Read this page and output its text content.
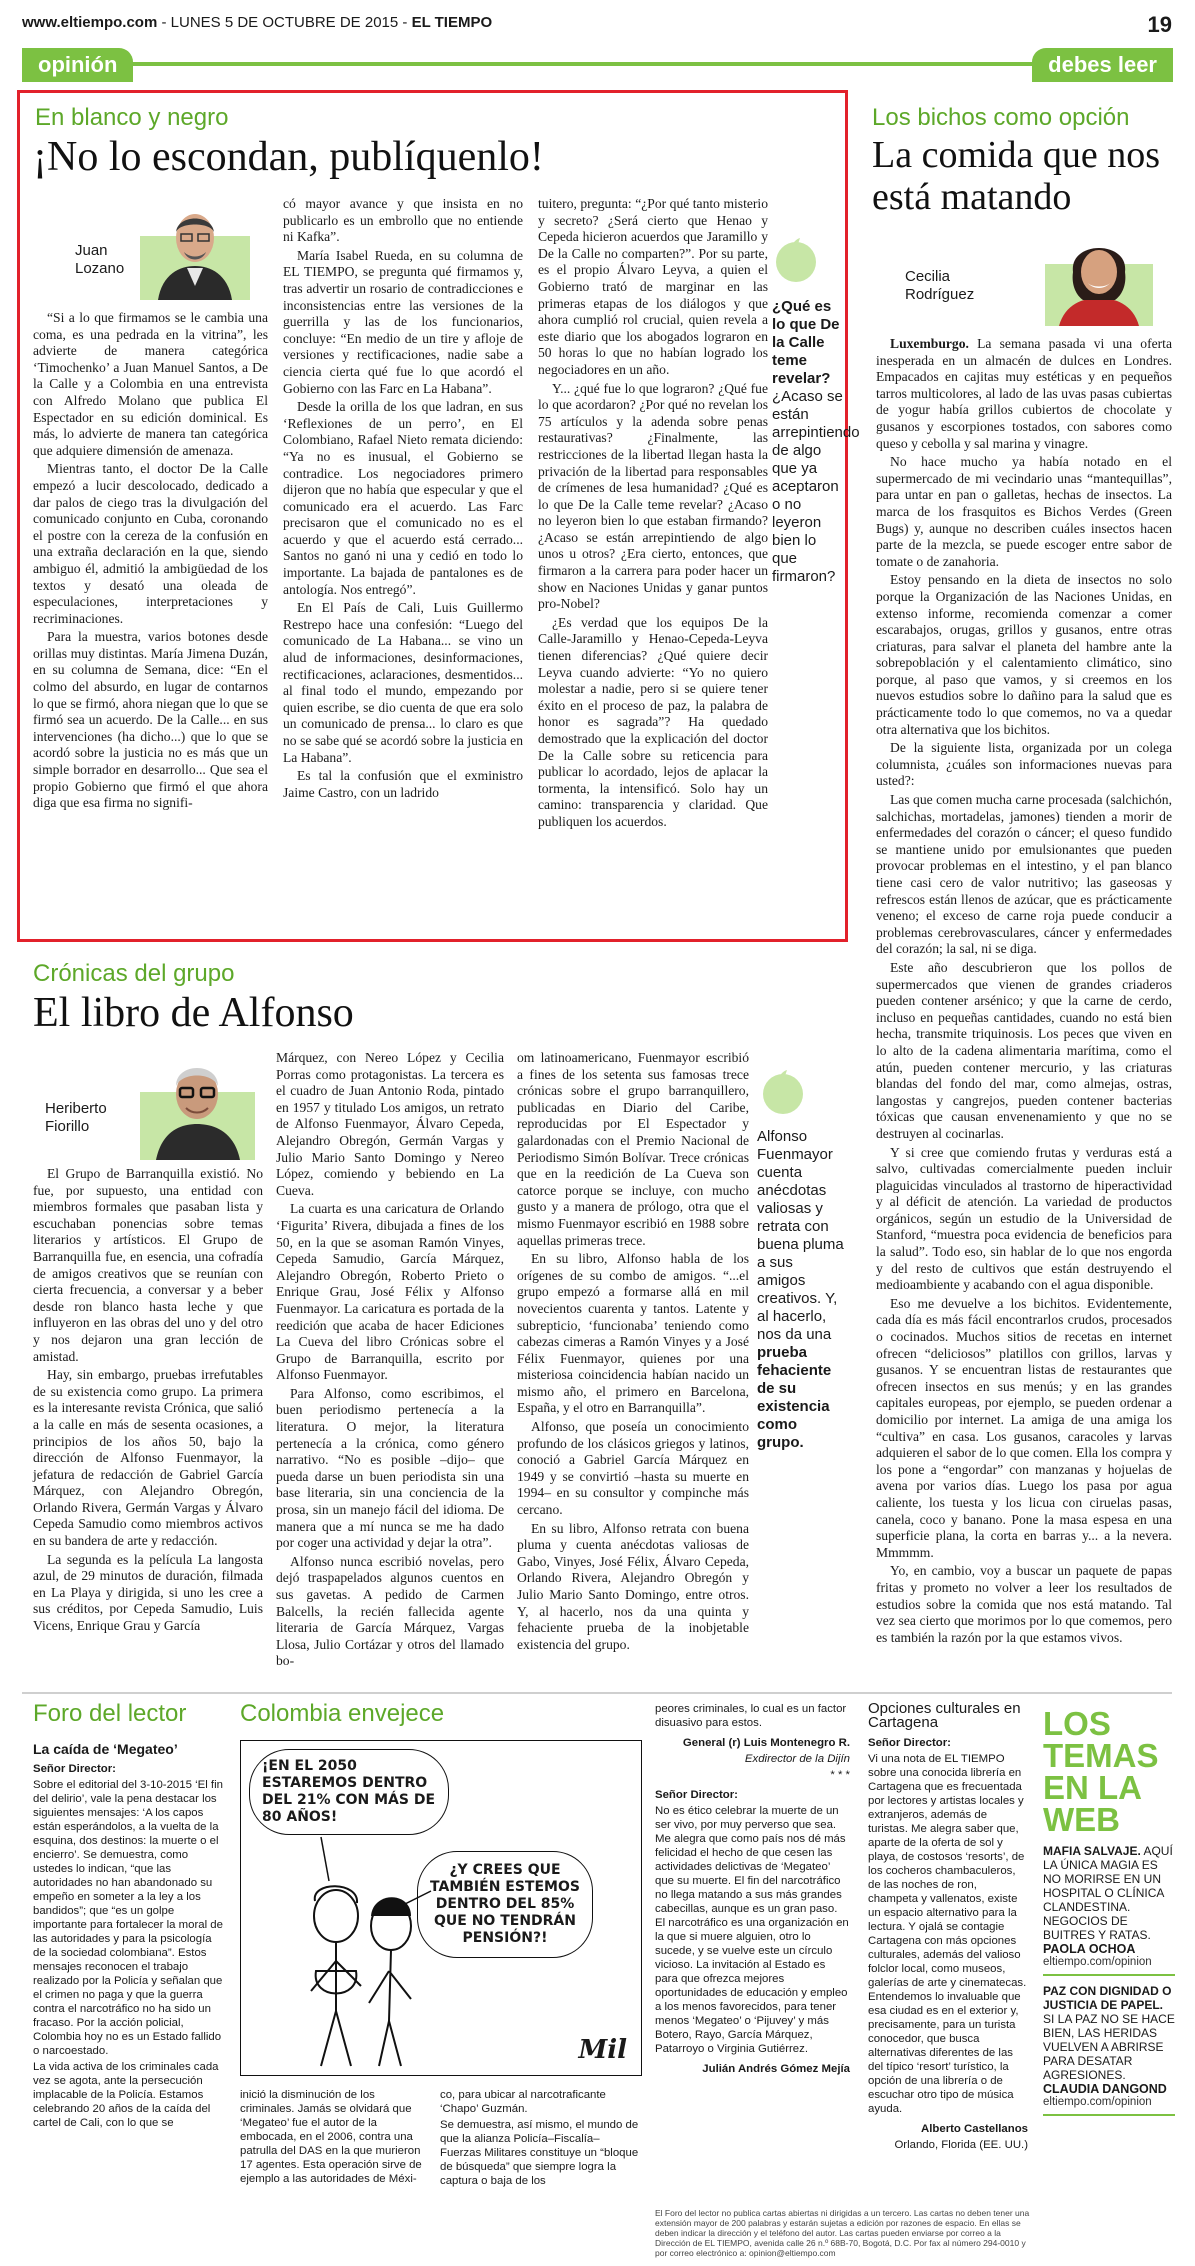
www.eltiempo.com - LUNES 5 DE OCTUBRE DE 2015 - EL TIEMPO	19
opinión	debes leer
En blanco y negro
¡No lo escondan, publíquenlo!
Juan
Lozano

“Si a lo que firmamos se le cambia una coma, es una pedrada en la vitrina”, les advierte de manera categórica ‘Timochenko’ a Juan Manuel Santos, a De la Calle y a Colombia en una entrevista con Alfredo Molano que publica El Espectador en su edición dominical. Es más, lo advierte de manera tan categórica que adquiere dimensión de amenaza.

Mientras tanto, el doctor De la Calle empezó a lucir descolocado, dedicado a dar palos de ciego tras la divulgación del comunicado conjunto en Cuba, coronando el postre con la cereza de la confusión en una extraña declaración en la que, siendo ambiguo él, admitió la ambigüedad de los textos y desató una oleada de especulaciones, interpretaciones y recriminaciones.

Para la muestra, varios botones desde orillas muy distintas. María Jimena Duzán, en su columna de Semana, dice: “En el colmo del absurdo, en lugar de contarnos lo que se firmó, ahora niegan que lo que se firmó sea un acuerdo. De la Calle... en sus intervenciones (ha dicho...) que lo que se acordó sobre la justicia no es más que un simple borrador en desarrollo... Que sea el propio Gobierno que firmó el que ahora diga que esa firma no signifi-

có mayor avance y que insista en no publicarlo es un embrollo que no entiende ni Kafka”.

María Isabel Rueda, en su columna de EL TIEMPO, se pregunta qué firmamos y, tras advertir un rosario de contradicciones e inconsistencias entre las versiones de la guerrilla y las de los funcionarios, concluye: “En medio de un tire y afloje de versiones y rectificaciones, nadie sabe a ciencia cierta qué fue lo que acordó el Gobierno con las Farc en La Habana”.

Desde la orilla de los que ladran, en sus ‘Reflexiones de un perro’, en El Colombiano, Rafael Nieto remata diciendo: “Ya no es inusual, el Gobierno se contradice. Los negociadores primero dijeron que no había que especular y que el comunicado era el acuerdo. Las Farc precisaron que el comunicado no es el acuerdo y que el acuerdo está cerrado... Santos no ganó ni una y cedió en todo lo importante. La bajada de pantalones es de antología. Nos entregó”.

En El País de Cali, Luis Guillermo Restrepo hace una confesión: “Luego del comunicado de La Habana... se vino un alud de informaciones, desinformaciones, rectificaciones, aclaraciones, desmentidos... al final todo el mundo, empezando por quien escribe, se dio cuenta de que era solo un comunicado de prensa... lo claro es que no se sabe qué se acordó sobre la justicia en La Habana”.

Es tal la confusión que el exministro Jaime Castro, con un ladrido

tuitero, pregunta: “¿Por qué tanto misterio y secreto? ¿Será cierto que Henao y Cepeda hicieron acuerdos que Jaramillo y De la Calle no comparten?”. Por su parte, es el propio Álvaro Leyva, a quien el Gobierno trató de marginar en las primeras etapas de los diálogos y que ahora cumplió rol crucial, quien revela a este diario que los abogados lograron en 50 horas lo que no habían logrado los negociadores en un año.

Y... ¿qué fue lo que lograron? ¿Qué fue lo que acordaron? ¿Por qué no revelan los 75 artículos y la adenda sobre penas restaurativas? ¿Finalmente, las restricciones de la libertad llegan hasta la privación de la libertad para responsables de crímenes de lesa humanidad? ¿Qué es lo que De la Calle teme revelar? ¿Acaso no leyeron bien lo que estaban firmando? ¿Acaso se están arrepintiendo de algo unos u otros? ¿Era cierto, entonces, que firmaron a la carrera para poder hacer un show en Naciones Unidas y ganar puntos pro-Nobel?

¿Es verdad que los equipos De la Calle-Jaramillo y Henao-Cepeda-Leyva tienen diferencias? ¿Qué quiere decir Leyva cuando advierte: “Yo no quiero molestar a nadie, pero si se quiere tener éxito en el proceso de paz, la palabra de honor es sagrada”? Ha quedado demostrado que la explicación del doctor De la Calle sobre su reticencia para publicar lo acordado, lejos de aplacar la tormenta, la intensificó. Solo hay un camino: transparencia y claridad. Que publiquen los acuerdos.

¿Qué es lo que De la Calle teme revelar? ¿Acaso se están arrepintiendo de algo que ya aceptaron o no leyeron bien lo que firmaron?
Crónicas del grupo
El libro de Alfonso
Heriberto
Fiorillo

El Grupo de Barranquilla existió. No fue, por supuesto, una entidad con miembros formales que pasaban lista y escuchaban ponencias sobre temas literarios y artísticos. El Grupo de Barranquilla fue, en esencia, una cofradía de amigos creativos que se reunían con cierta frecuencia, a conversar y a beber desde ron blanco hasta leche y que influyeron en las obras del uno y del otro y nos dejaron una gran lección de amistad.

Hay, sin embargo, pruebas irrefutables de su existencia como grupo. La primera es la interesante revista Crónica, que salió a la calle en más de sesenta ocasiones, a principios de los años 50, bajo la dirección de Alfonso Fuenmayor, la jefatura de redacción de Gabriel García Márquez, con Alejandro Obregón, Orlando Rivera, Germán Vargas y Álvaro Cepeda Samudio como miembros activos en su bandera de arte y redacción.

La segunda es la película La langosta azul, de 29 minutos de duración, filmada en La Playa y dirigida, si uno les cree a sus créditos, por Cepeda Samudio, Luis Vicens, Enrique Grau y García

Márquez, con Nereo López y Cecilia Porras como protagonistas. La tercera es el cuadro de Juan Antonio Roda, pintado en 1957 y titulado Los amigos, un retrato de Alfonso Fuenmayor, Álvaro Cepeda, Alejandro Obregón, Germán Vargas y Julio Mario Santo Domingo y Nereo López, comiendo y bebiendo en La Cueva.

La cuarta es una caricatura de Orlando ‘Figurita’ Rivera, dibujada a fines de los 50, en la que se asoman Ramón Vinyes, Cepeda Samudio, García Márquez, Alejandro Obregón, Roberto Prieto o Enrique Grau, José Félix y Alfonso Fuenmayor. La caricatura es portada de la reedición que acaba de hacer Ediciones La Cueva del libro Crónicas sobre el Grupo de Barranquilla, escrito por Alfonso Fuenmayor.

Para Alfonso, como escribimos, el buen periodismo pertenecía a la literatura. O mejor, la literatura pertenecía a la crónica, como género narrativo. “No es posible –dijo– que pueda darse un buen periodista sin una base literaria, sin una conciencia de la prosa, sin un manejo fácil del idioma. De manera que a mí nunca se me ha dado por coger una actividad y dejar la otra”.

Alfonso nunca escribió novelas, pero dejó traspapelados algunos cuentos en sus gavetas. A pedido de Carmen Balcells, la recién fallecida agente literaria de García Márquez, Vargas Llosa, Julio Cortázar y otros del llamado bo-

om latinoamericano, Fuenmayor escribió a fines de los setenta sus famosas trece crónicas sobre el grupo barranquillero, publicadas en Diario del Caribe, reproducidas por El Espectador y galardonadas con el Premio Nacional de Periodismo Simón Bolívar. Trece crónicas que en la reedición de La Cueva son catorce porque se incluye, con mucho gusto y a manera de prólogo, otra que el mismo Fuenmayor escribió en 1988 sobre aquellas primeras trece.

En su libro, Alfonso habla de los orígenes de su combo de amigos. “...el grupo empezó a formarse allá en mil novecientos cuarenta y tantos. Latente y subrepticio, ‘funcionaba’ teniendo como cabezas cimeras a Ramón Vinyes y a José Félix Fuenmayor, quienes por una misteriosa coincidencia habían nacido un mismo año, el primero en Barcelona, España, y el otro en Barranquilla”.

Alfonso, que poseía un conocimiento profundo de los clásicos griegos y latinos, conoció a Gabriel García Márquez en 1949 y se convirtió –hasta su muerte en 1994– en su consultor y compinche más cercano.

En su libro, Alfonso retrata con buena pluma y cuenta anécdotas valiosas de Gabo, Vinyes, José Félix, Álvaro Cepeda, Orlando Rivera, Alejandro Obregón y Julio Mario Santo Domingo, entre otros. Y, al hacerlo, nos da una quinta y fehaciente prueba de la inobjetable existencia del grupo.

Alfonso Fuenmayor cuenta anécdotas valiosas y retrata con buena pluma a sus amigos creativos. Y, al hacerlo, nos da una prueba fehaciente de su existencia como grupo.
Los bichos como opción
La comida que nos está matando
Cecilia
Rodríguez

Luxemburgo. La semana pasada vi una oferta inesperada en un almacén de dulces en Londres. Empacados en cajitas muy estéticas y en pequeños tarros multicolores, al lado de las uvas pasas cubiertas de yogur había grillos cubiertos de chocolate y gusanos y escorpiones tostados, con sabores como queso y cebolla y sal marina y vinagre.

No hace mucho ya había notado en el supermercado de mi vecindario unas “mantequillas”, para untar en pan o galletas, hechas de insectos. La marca de los frasquitos es Bichos Verdes (Green Bugs) y, aunque no describen cuáles insectos hacen parte de la mezcla, se puede escoger entre sabor de tomate o de zanahoria.

Estoy pensando en la dieta de insectos no solo porque la Organización de las Naciones Unidas, en extenso informe, recomienda comenzar a comer escarabajos, orugas, grillos y gusanos, entre otras criaturas, para salvar el planeta del hambre ante la sobrepoblación y el calentamiento climático, sino porque, al paso que vamos, y si creemos en los nuevos estudios sobre lo dañino para la salud que es prácticamente todo lo que comemos, no va a quedar otra alternativa que los bichitos.

De la siguiente lista, organizada por un colega columnista, ¿cuáles son informaciones nuevas para usted?:

Las que comen mucha carne procesada (salchichón, salchichas, mortadelas, jamones) tienden a morir de enfermedades del corazón o cáncer; el queso fundido se mantiene unido por emulsionantes que pueden provocar problemas en el intestino, y el pan blanco tiene casi cero de valor nutritivo; las gaseosas y refrescos están llenos de azúcar, que es prácticamente veneno; el exceso de carne roja puede conducir a problemas cerebrovasculares, cáncer y enfermedades del corazón; la sal, ni se diga.

Este año descubrieron que los pollos de supermercados que vienen de grandes criaderos pueden contener arsénico; y que la carne de cerdo, incluso en pequeñas cantidades, cuando no está bien hecha, transmite triquinosis. Los peces que viven en lo alto de la cadena alimentaria marítima, como el atún, pueden contener mercurio, y las criaturas blandas del fondo del mar, como almejas, ostras, langostas y cangrejos, pueden contener bacterias tóxicas que causan envenenamiento y que no se destruyen al cocinarlas.

Y si cree que comiendo frutas y verduras está a salvo, cultivadas comercialmente pueden incluir plaguicidas vinculados al trastorno de hiperactividad y al déficit de atención. La variedad de productos orgánicos, según un estudio de la Universidad de Stanford, “muestra poca evidencia de beneficios para la salud”. Todo eso, sin hablar de lo que nos engorda y del resto de cultivos que están destruyendo el medioambiente y acabando con el agua disponible.

Eso me devuelve a los bichitos. Evidentemente, cada día es más fácil encontrarlos crudos, procesados o cocinados. Muchos sitios de recetas en internet ofrecen “deliciosos” platillos con grillos, larvas y gusanos. Y se encuentran listas de restaurantes que ofrecen insectos en sus menús; y en las grandes capitales europeas, por ejemplo, se pueden ordenar a domicilio por internet. La amiga de una amiga los “cultiva” en casa. Los gusanos, caracoles y larvas adquieren el sabor de lo que comen. Ella los compra y los pone a “engordar” con manzanas y hojuelas de avena por varios días. Luego los pasa por agua caliente, los tuesta y los licua con ciruelas pasas, canela, coco y banano. Pone la masa espesa en una superficie plana, la corta en barras y... a la nevera. Mmmmm.

Yo, en cambio, voy a buscar un paquete de papas fritas y prometo no volver a leer los resultados de estudios sobre la comida que nos está matando. Tal vez sea cierto que morimos por lo que comemos, pero es también la razón por la que estamos vivos.

Foro del lector
La caída de ‘Megateo’

Señor Director:

Sobre el editorial del 3-10-2015 ‘El fin del delirio’, vale la pena destacar los siguientes mensajes: ‘A los capos están esperándolos, a la vuelta de la esquina, dos destinos: la muerte o el encierro’. Se demuestra, como ustedes lo indican, “que las autoridades no han abandonado su empeño en someter a la ley a los bandidos”; que “es un golpe importante para fortalecer la moral de las autoridades y para la psicología de la sociedad colombiana”. Estos mensajes reconocen el trabajo realizado por la Policía y señalan que el crimen no paga y que la guerra contra el narcotráfico no ha sido un fracaso. Por la acción policial, Colombia hoy no es un Estado fallido o narcoestado.

La vida activa de los criminales cada vez se agota, ante la persecución implacable de la Policía. Estamos celebrando 20 años de la caída del cartel de Cali, con lo que se

Colombia envejece
¡EN EL 2050 ESTAREMOS DENTRO DEL 21% CON MÁS DE 80 AÑOS!
¿Y CREES QUE TAMBIÉN ESTEMOS DENTRO DEL 85% QUE NO TENDRÁN PENSIÓN?!
Mil

inició la disminución de los criminales. Jamás se olvidará que ‘Megateo’ fue el autor de la embocada, en el 2006, contra una patrulla del DAS en la que murieron 17 agentes. Esta operación sirve de ejemplo a las autoridades de Méxi-

co, para ubicar al narcotraficante ‘Chapo’ Guzmán.

Se demuestra, así mismo, el mundo de que la alianza Policía–Fiscalía–Fuerzas Militares constituye un “bloque de búsqueda” que siempre logra la captura o baja de los

peores criminales, lo cual es un factor disuasivo para estos.

General (r) Luis Montenegro R.

Exdirector de la Dijín

* * *

Señor Director:

No es ético celebrar la muerte de un ser vivo, por muy perverso que sea. Me alegra que como país nos dé más felicidad el hecho de que cesen las actividades delictivas de ‘Megateo’ que su muerte. El fin del narcotráfico no llega matando a sus más grandes cabecillas, aunque es un gran paso. El narcotráfico es una organización en la que si muere alguien, otro lo sucede, y se vuelve este un círculo vicioso. La invitación al Estado es para que ofrezca mejores oportunidades de educación y empleo a los menos favorecidos, para tener menos ‘Megateo’ o ‘Pijuvey’ y más Botero, Rayo, García Márquez, Patarroyo o Virginia Gutiérrez.

Julián Andrés Gómez Mejía

Opciones culturales en Cartagena

Señor Director:

Vi una nota de EL TIEMPO sobre una conocida librería en Cartagena que es frecuentada por lectores y artistas locales y extranjeros, además de turistas. Me alegra saber que, aparte de la oferta de sol y playa, de costosos ‘resorts’, de los cocheros chambaculeros, de las noches de ron, champeta y vallenatos, existe un espacio alternativo para la lectura. Y ojalá se contagie Cartagena con más opciones culturales, además del valioso folclor local, como museos, galerías de arte y cinematecas. Entendemos lo invaluable que esa ciudad es en el exterior y, precisamente, para un turista conocedor, que busca alternativas diferentes de las del típico ‘resort’ turístico, la opción de una librería o de escuchar otro tipo de música ayuda.

Alberto Castellanos

Orlando, Florida (EE. UU.)

El Foro del lector no publica cartas abiertas ni dirigidas a un tercero. Las cartas no deben tener una extensión mayor de 200 palabras y estarán sujetas a edición por razones de espacio. En ellas se deben indicar la dirección y el teléfono del autor. Las cartas pueden enviarse por correo a la Dirección de EL TIEMPO, avenida calle 26 n.º 68B-70, Bogotá, D.C. Por fax al número 294-0010 y por correo electrónico a: opinion@eltiempo.com
LOS TEMAS EN LA WEB
MAFIA SALVAJE. AQUÍ LA ÚNICA MAGIA ES NO MORIRSE EN UN HOSPITAL O CLÍNICA CLANDESTINA. NEGOCIOS DE BUITRES Y RATAS.
PAOLA OCHOA
eltiempo.com/opinion
PAZ CON DIGNIDAD O JUSTICIA DE PAPEL. SI LA PAZ NO SE HACE BIEN, LAS HERIDAS VUELVEN A ABRIRSE PARA DESATAR AGRESIONES.
CLAUDIA DANGOND
eltiempo.com/opinion
